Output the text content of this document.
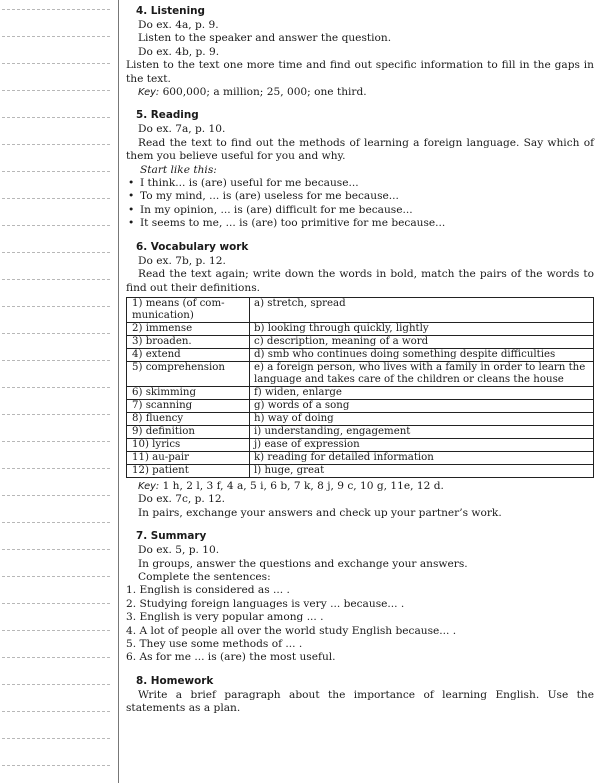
4. Listening

Do ex. 4a, p. 9.

Listen to the speaker and answer the question.

Do ex. 4b, p. 9.

Listen to the text one more time and find out specific information to fill in the gaps in the text.

Key: 600,000; a million; 25, 000; one third.

5. Reading

Do ex. 7a, p. 10.

Read the text to find out the methods of learning a foreign language. Say which of them you believe useful for you and why.

Start like this:

• I think... is (are) useful for me because...
• To my mind, ... is (are) useless for me because...
• In my opinion, ... is (are) difficult for me because...
• It seems to me, ... is (are) too primitive for me because...
6. Vocabulary work

Do ex. 7b, p. 12.

Read the text again; write down the words in bold, match the pairs of the words to find out their definitions.

1) means (of com-munication)	a) stretch, spread
2) immense	b) looking through quickly, lightly
3) broaden.	c) description, meaning of a word
4) extend	d) smb who continues doing something despite difficulties
5) comprehension	e) a foreign person, who lives with a family in order to learn the language and takes care of the children or cleans the house
6) skimming	f) widen, enlarge
7) scanning	g) words of a song
8) fluency	h) way of doing
9) definition	i) understanding, engagement
10) lyrics	j) ease of expression
11) au-pair	k) reading for detailed information
12) patient	l) huge, great

Key: 1 h, 2 l, 3 f, 4 a, 5 i, 6 b, 7 k, 8 j, 9 c, 10 g, 11e, 12 d.

Do ex. 7c, p. 12.

In pairs, exchange your answers and check up your partner’s work.

7. Summary

Do ex. 5, p. 10.

In groups, answer the questions and exchange your answers.

Complete the sentences:

1. English is considered as ... .
2. Studying foreign languages is very ... because... .
3. English is very popular among ... .
4. A lot of people all over the world study English because... .
5. They use some methods of ... .
6. As for me ... is (are) the most useful.
8. Homework

Write a brief paragraph about the importance of learning English. Use the statements as a plan.
